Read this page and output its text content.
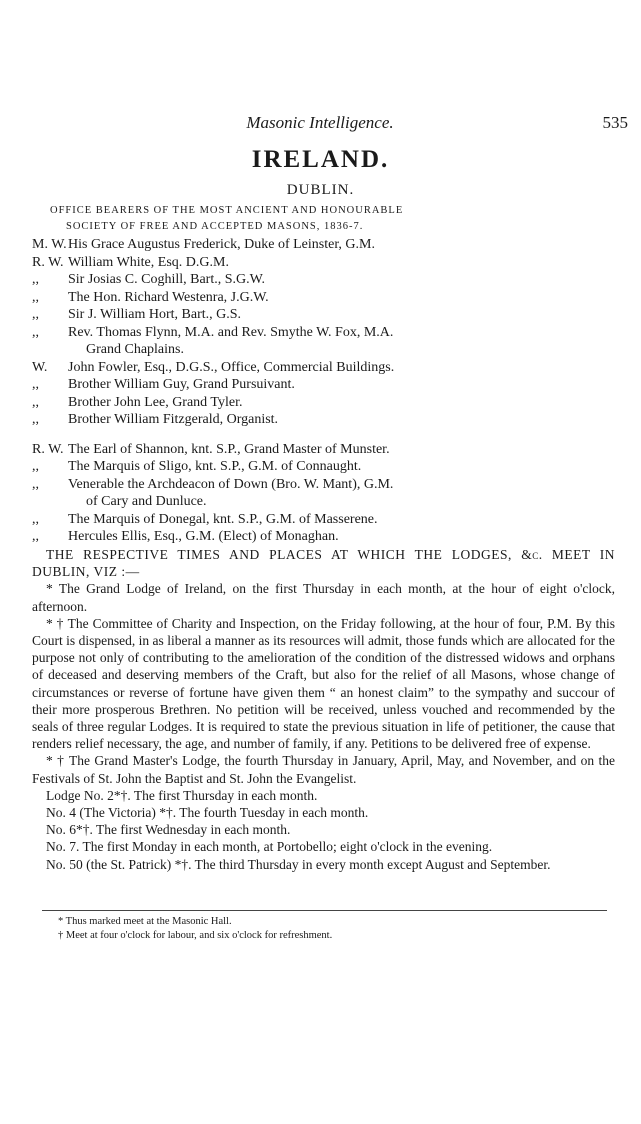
Masonic Intelligence.	535
IRELAND.
DUBLIN.
OFFICE BEARERS OF THE MOST ANCIENT AND HONOURABLE
SOCIETY OF FREE AND ACCEPTED MASONS, 1836-7.
M. W. His Grace Augustus Frederick, Duke of Leinster, G.M.
R. W. William White, Esq. D.G.M.
,,	Sir Josias C. Coghill, Bart., S.G.W.
,,	The Hon. Richard Westenra, J.G.W.
,,	Sir J. William Hort, Bart., G.S.
,,	Rev. Thomas Flynn, M.A. and Rev. Smythe W. Fox, M.A.
Grand Chaplains.
W.	John Fowler, Esq., D.G.S., Office, Commercial Buildings.
,,	Brother William Guy, Grand Pursuivant.
,,	Brother John Lee, Grand Tyler.
,,	Brother William Fitzgerald, Organist.
R. W. The Earl of Shannon, knt. S.P., Grand Master of Munster.
,,	The Marquis of Sligo, knt. S.P., G.M. of Connaught.
,,	Venerable the Archdeacon of Down (Bro. W. Mant), G.M.
of Cary and Dunluce.
,,	The Marquis of Donegal, knt. S.P., G.M. of Masserene.
,,	Hercules Ellis, Esq., G.M. (Elect) of Monaghan.

THE RESPECTIVE TIMES AND PLACES AT WHICH THE LODGES, &c. MEET IN DUBLIN, VIZ :—

* The Grand Lodge of Ireland, on the first Thursday in each month, at the hour of eight o'clock, afternoon.

* † The Committee of Charity and Inspection, on the Friday following, at the hour of four, P.M. By this Court is dispensed, in as liberal a manner as its resources will admit, those funds which are allocated for the purpose not only of contributing to the amelioration of the condition of the distressed widows and orphans of deceased and deserving members of the Craft, but also for the relief of all Masons, whose change of circumstances or reverse of fortune have given them “ an honest claim” to the sympathy and succour of their more prosperous Brethren. No petition will be received, unless vouched and recommended by the seals of three regular Lodges. It is required to state the previous situation in life of petitioner, the cause that renders relief necessary, the age, and number of family, if any. Petitions to be delivered free of expense.

* † The Grand Master's Lodge, the fourth Thursday in January, April, May, and November, and on the Festivals of St. John the Baptist and St. John the Evangelist.

Lodge No. 2*†. The first Thursday in each month.

No. 4 (The Victoria) *†. The fourth Tuesday in each month.

No. 6*†. The first Wednesday in each month.

No. 7. The first Monday in each month, at Portobello; eight o'clock in the evening.

No. 50 (the St. Patrick) *†. The third Thursday in every month except August and September.

* Thus marked meet at the Masonic Hall.
† Meet at four o'clock for labour, and six o'clock for refreshment.
